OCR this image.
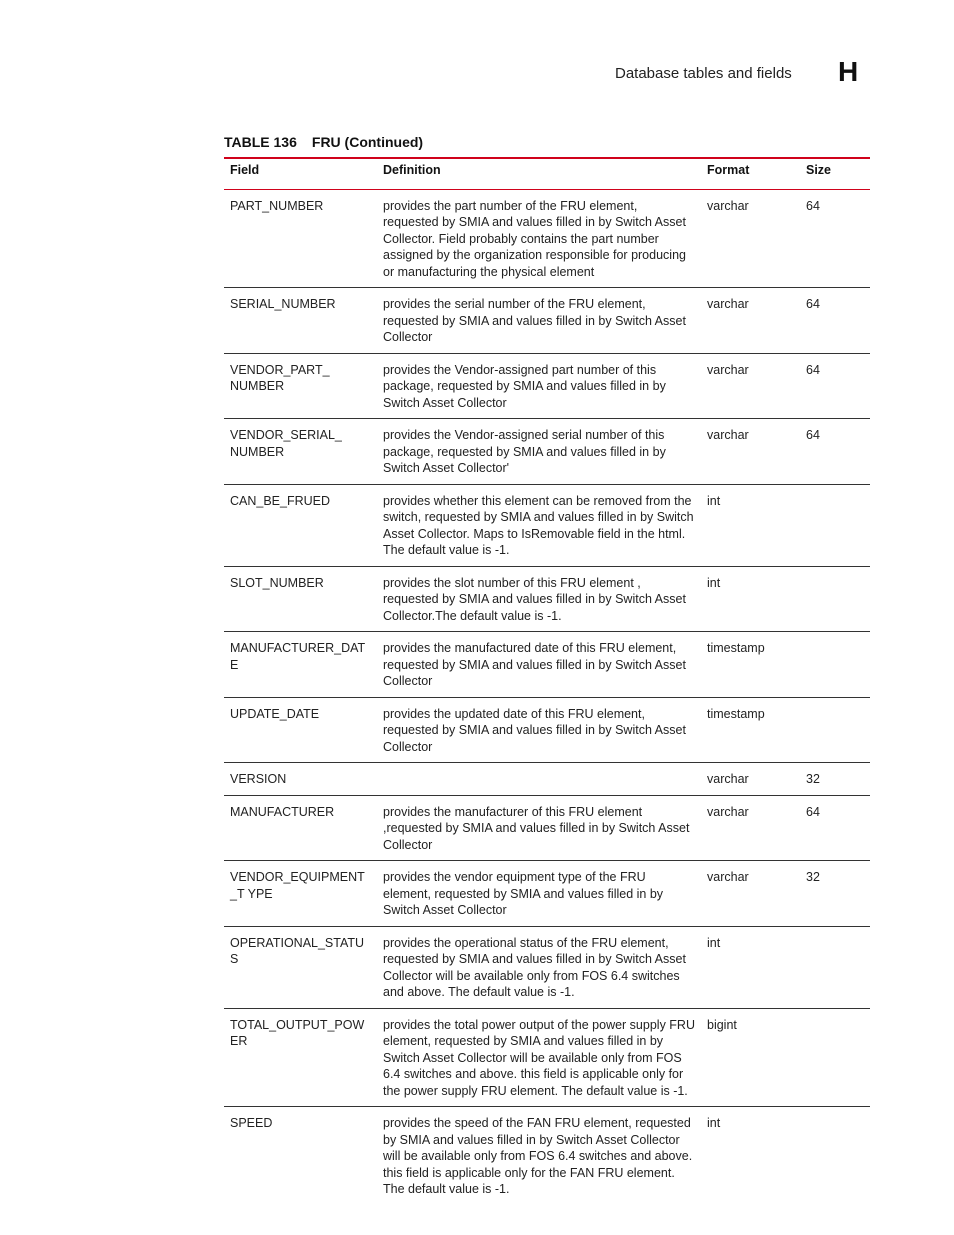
Database tables and fields H
TABLE 136 FRU (Continued)
Field	Definition	Format	Size
PART_NUMBER	provides the part number of the FRU element, requested by SMIA and values filled in by Switch Asset Collector. Field probably contains the part number assigned by the organization responsible for producing or manufacturing the physical element	varchar	64
SERIAL_NUMBER	provides the serial number of the FRU element, requested by SMIA and values filled in by Switch Asset Collector	varchar	64
VENDOR_PART_ NUMBER	provides the Vendor-assigned part number of this package, requested by SMIA and values filled in by Switch Asset Collector	varchar	64
VENDOR_SERIAL_ NUMBER	provides the Vendor-assigned serial number of this package, requested by SMIA and values filled in by Switch Asset Collector'	varchar	64
CAN_BE_FRUED	provides whether this element can be removed from the switch, requested by SMIA and values filled in by Switch Asset Collector. Maps to IsRemovable field in the html. The default value is -1.	int	
SLOT_NUMBER	provides the slot number of this FRU element , requested by SMIA and values filled in by Switch Asset Collector.The default value is -1.	int	
MANUFACTURER_DATE	provides the manufactured date of this FRU element, requested by SMIA and values filled in by Switch Asset Collector	timestamp	
UPDATE_DATE	provides the updated date of this FRU element, requested by SMIA and values filled in by Switch Asset Collector	timestamp	
VERSION		varchar	32
MANUFACTURER	provides the manufacturer of this FRU element ,requested by SMIA and values filled in by Switch Asset Collector	varchar	64
VENDOR_EQUIPMENT_T YPE	provides the vendor equipment type of the FRU element, requested by SMIA and values filled in by Switch Asset Collector	varchar	32
OPERATIONAL_STATUS	provides the operational status of the FRU element, requested by SMIA and values filled in by Switch Asset Collector will be available only from FOS 6.4 switches and above. The default value is -1.	int	
TOTAL_OUTPUT_POWER	provides the total power output of the power supply FRU element, requested by SMIA and values filled in by Switch Asset Collector will be available only from FOS 6.4 switches and above. this field is applicable only for the power supply FRU element. The default value is -1.	bigint	
SPEED	provides the speed of the FAN FRU element, requested by SMIA and values filled in by Switch Asset Collector will be available only from FOS 6.4 switches and above. this field is applicable only for the FAN FRU element. The default value is -1.	int	
